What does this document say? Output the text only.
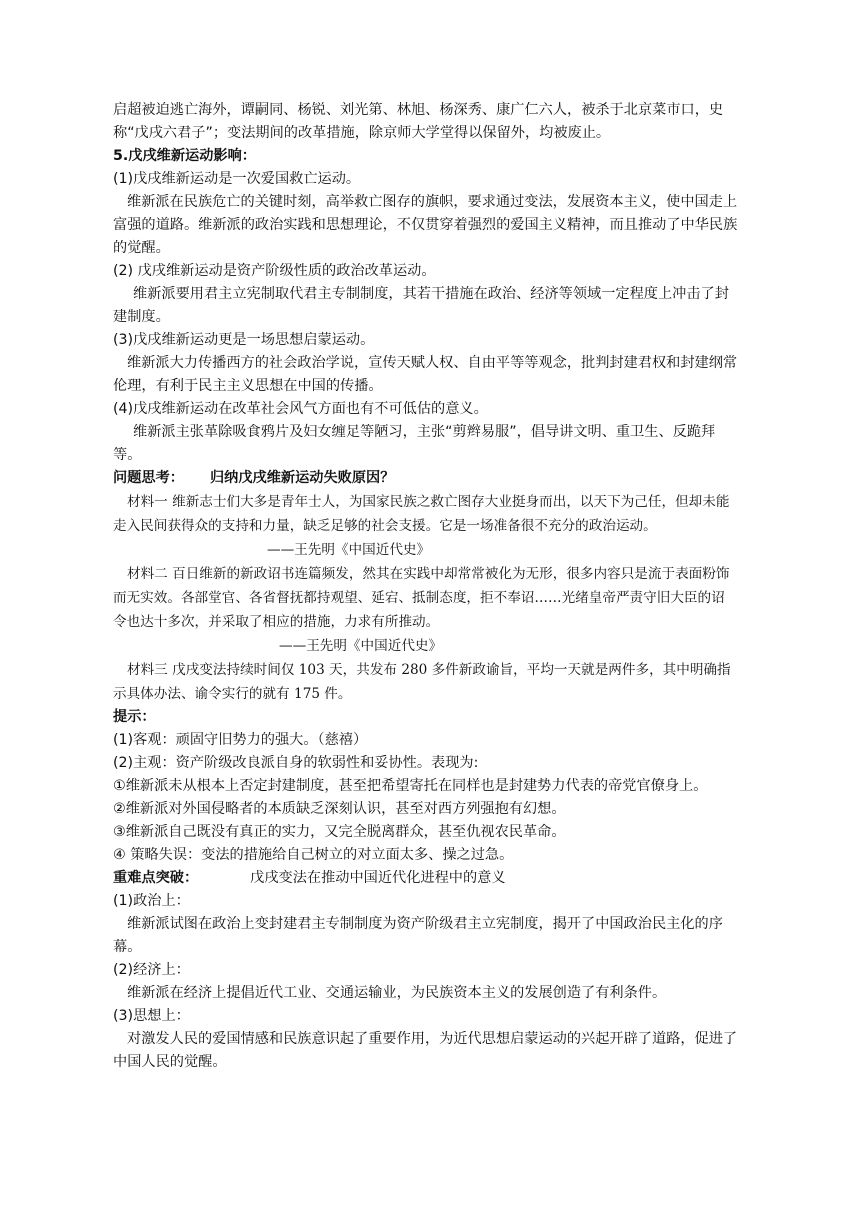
启超被迫逃亡海外，谭嗣同、杨锐、刘光第、林旭、杨深秀、康广仁六人，被杀于北京菜市口，史称“戊戌六君子”；变法期间的改革措施，除京师大学堂得以保留外，均被废止。

5.戊戌维新运动影响：

(1)戊戌维新运动是一次爱国救亡运动。

维新派在民族危亡的关键时刻，高举救亡图存的旗帜，要求通过变法，发展资本主义，使中国走上富强的道路。维新派的政治实践和思想理论，不仅贯穿着强烈的爱国主义精神，而且推动了中华民族的觉醒。

(2) 戊戌维新运动是资产阶级性质的政治改革运动。

维新派要用君主立宪制取代君主专制制度，其若干措施在政治、经济等领域一定程度上冲击了封建制度。

(3)戊戌维新运动更是一场思想启蒙运动。

维新派大力传播西方的社会政治学说，宣传天赋人权、自由平等等观念，批判封建君权和封建纲常伦理，有利于民主主义思想在中国的传播。

(4)戊戌维新运动在改革社会风气方面也有不可低估的意义。

维新派主张革除吸食鸦片及妇女缠足等陋习，主张“剪辫易服”，倡导讲文明、重卫生、反跪拜等。

问题思考： 归纳戊戌维新运动失败原因？

材料一 维新志士们大多是青年士人，为国家民族之救亡图存大业挺身而出，以天下为己任，但却未能走入民间获得众的支持和力量，缺乏足够的社会支援。它是一场准备很不充分的政治运动。

——王先明《中国近代史》

材料二 百日维新的新政诏书连篇频发，然其在实践中却常常被化为无形，很多内容只是流于表面粉饰而无实效。各部堂官、各省督抚都持观望、延宕、抵制态度，拒不奉诏……光绪皇帝严责守旧大臣的诏令也达十多次，并采取了相应的措施，力求有所推动。

——王先明《中国近代史》

材料三 戊戌变法持续时间仅 103 天，共发布 280 多件新政谕旨，平均一天就是两件多，其中明确指示具体办法、谕令实行的就有 175 件。

提示：

(1)客观：顽固守旧势力的强大。（慈禧）

(2)主观：资产阶级改良派自身的软弱性和妥协性。表现为:

①维新派未从根本上否定封建制度，甚至把希望寄托在同样也是封建势力代表的帝党官僚身上。

②维新派对外国侵略者的本质缺乏深刻认识，甚至对西方列强抱有幻想。

③维新派自己既没有真正的实力，又完全脱离群众，甚至仇视农民革命。

④ 策略失误：变法的措施给自己树立的对立面太多、操之过急。

重难点突破：	戊戌变法在推动中国近代化进程中的意义

(1)政治上：

维新派试图在政治上变封建君主专制制度为资产阶级君主立宪制度，揭开了中国政治民主化的序幕。

(2)经济上：

维新派在经济上提倡近代工业、交通运输业，为民族资本主义的发展创造了有利条件。

(3)思想上：

对激发人民的爱国情感和民族意识起了重要作用，为近代思想启蒙运动的兴起开辟了道路，促进了中国人民的觉醒。
